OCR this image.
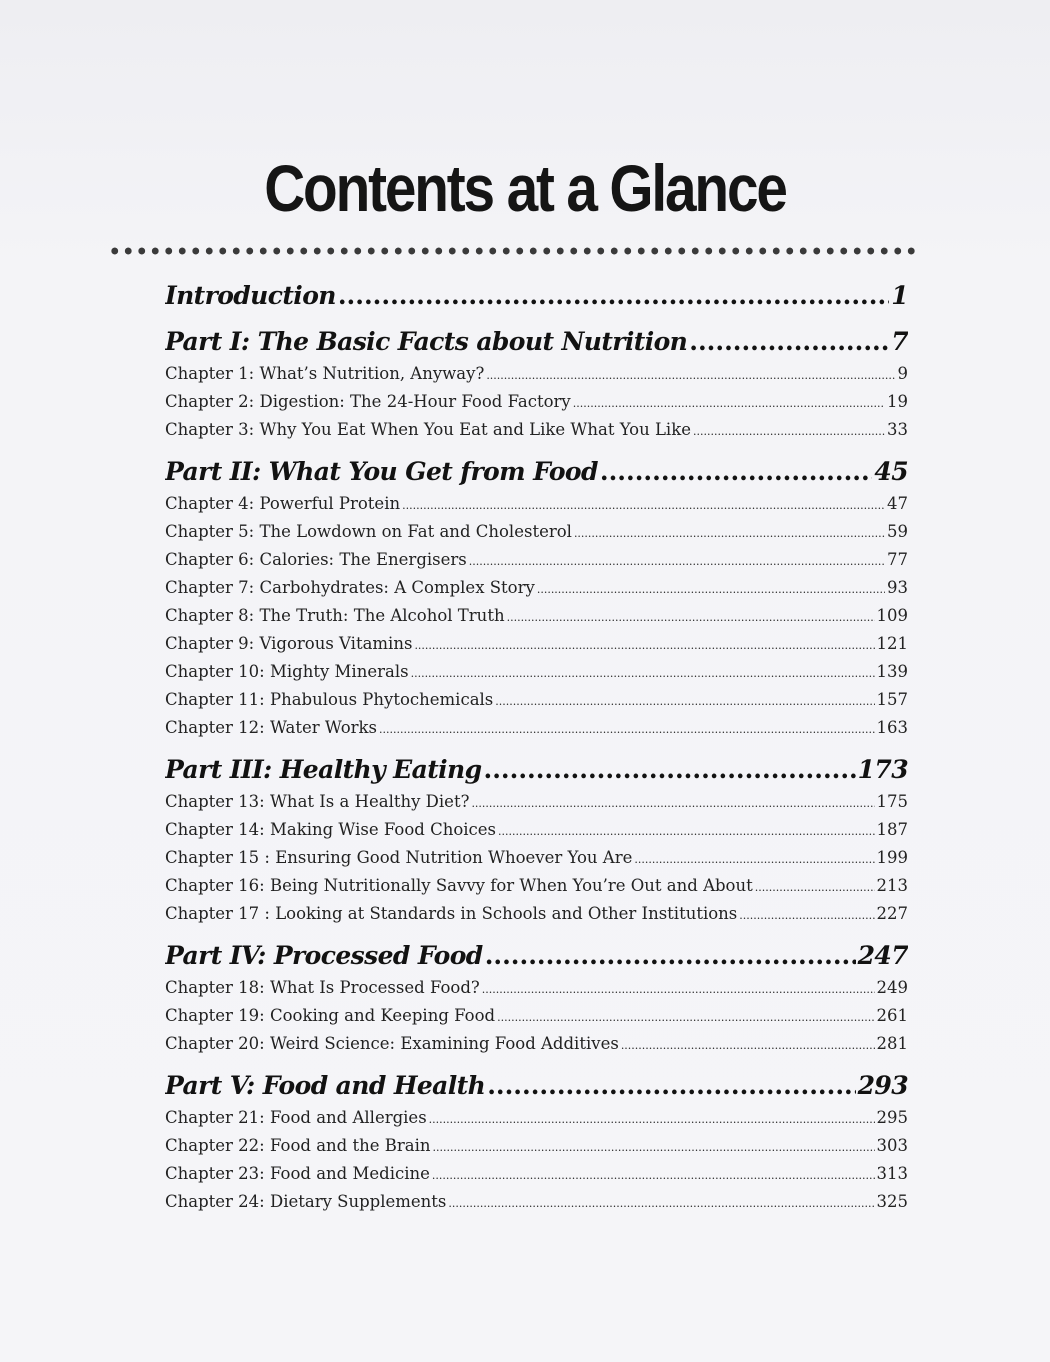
Contents at a Glance
Introduction .....	1
Part I: The Basic Facts about Nutrition .....	7
Chapter 1: What’s Nutrition, Anyway? .....	9
Chapter 2: Digestion: The 24-Hour Food Factory .....	19
Chapter 3: Why You Eat When You Eat and Like What You Like .....	33
Part II: What You Get from Food .....	45
Chapter 4: Powerful Protein .....	47
Chapter 5: The Lowdown on Fat and Cholesterol .....	59
Chapter 6: Calories: The Energisers .....	77
Chapter 7: Carbohydrates: A Complex Story .....	93
Chapter 8: The Truth: The Alcohol Truth .....	109
Chapter 9: Vigorous Vitamins .....	121
Chapter 10: Mighty Minerals .....	139
Chapter 11: Phabulous Phytochemicals .....	157
Chapter 12: Water Works .....	163
Part III: Healthy Eating .....	173
Chapter 13: What Is a Healthy Diet? .....	175
Chapter 14: Making Wise Food Choices .....	187
Chapter 15 : Ensuring Good Nutrition Whoever You Are .....	199
Chapter 16: Being Nutritionally Savvy for When You’re Out and About .....	213
Chapter 17 : Looking at Standards in Schools and Other Institutions .....	227
Part IV: Processed Food .....	247
Chapter 18: What Is Processed Food? .....	249
Chapter 19: Cooking and Keeping Food .....	261
Chapter 20: Weird Science: Examining Food Additives .....	281
Part V: Food and Health .....	293
Chapter 21: Food and Allergies .....	295
Chapter 22: Food and the Brain .....	303
Chapter 23: Food and Medicine .....	313
Chapter 24: Dietary Supplements .....	325
